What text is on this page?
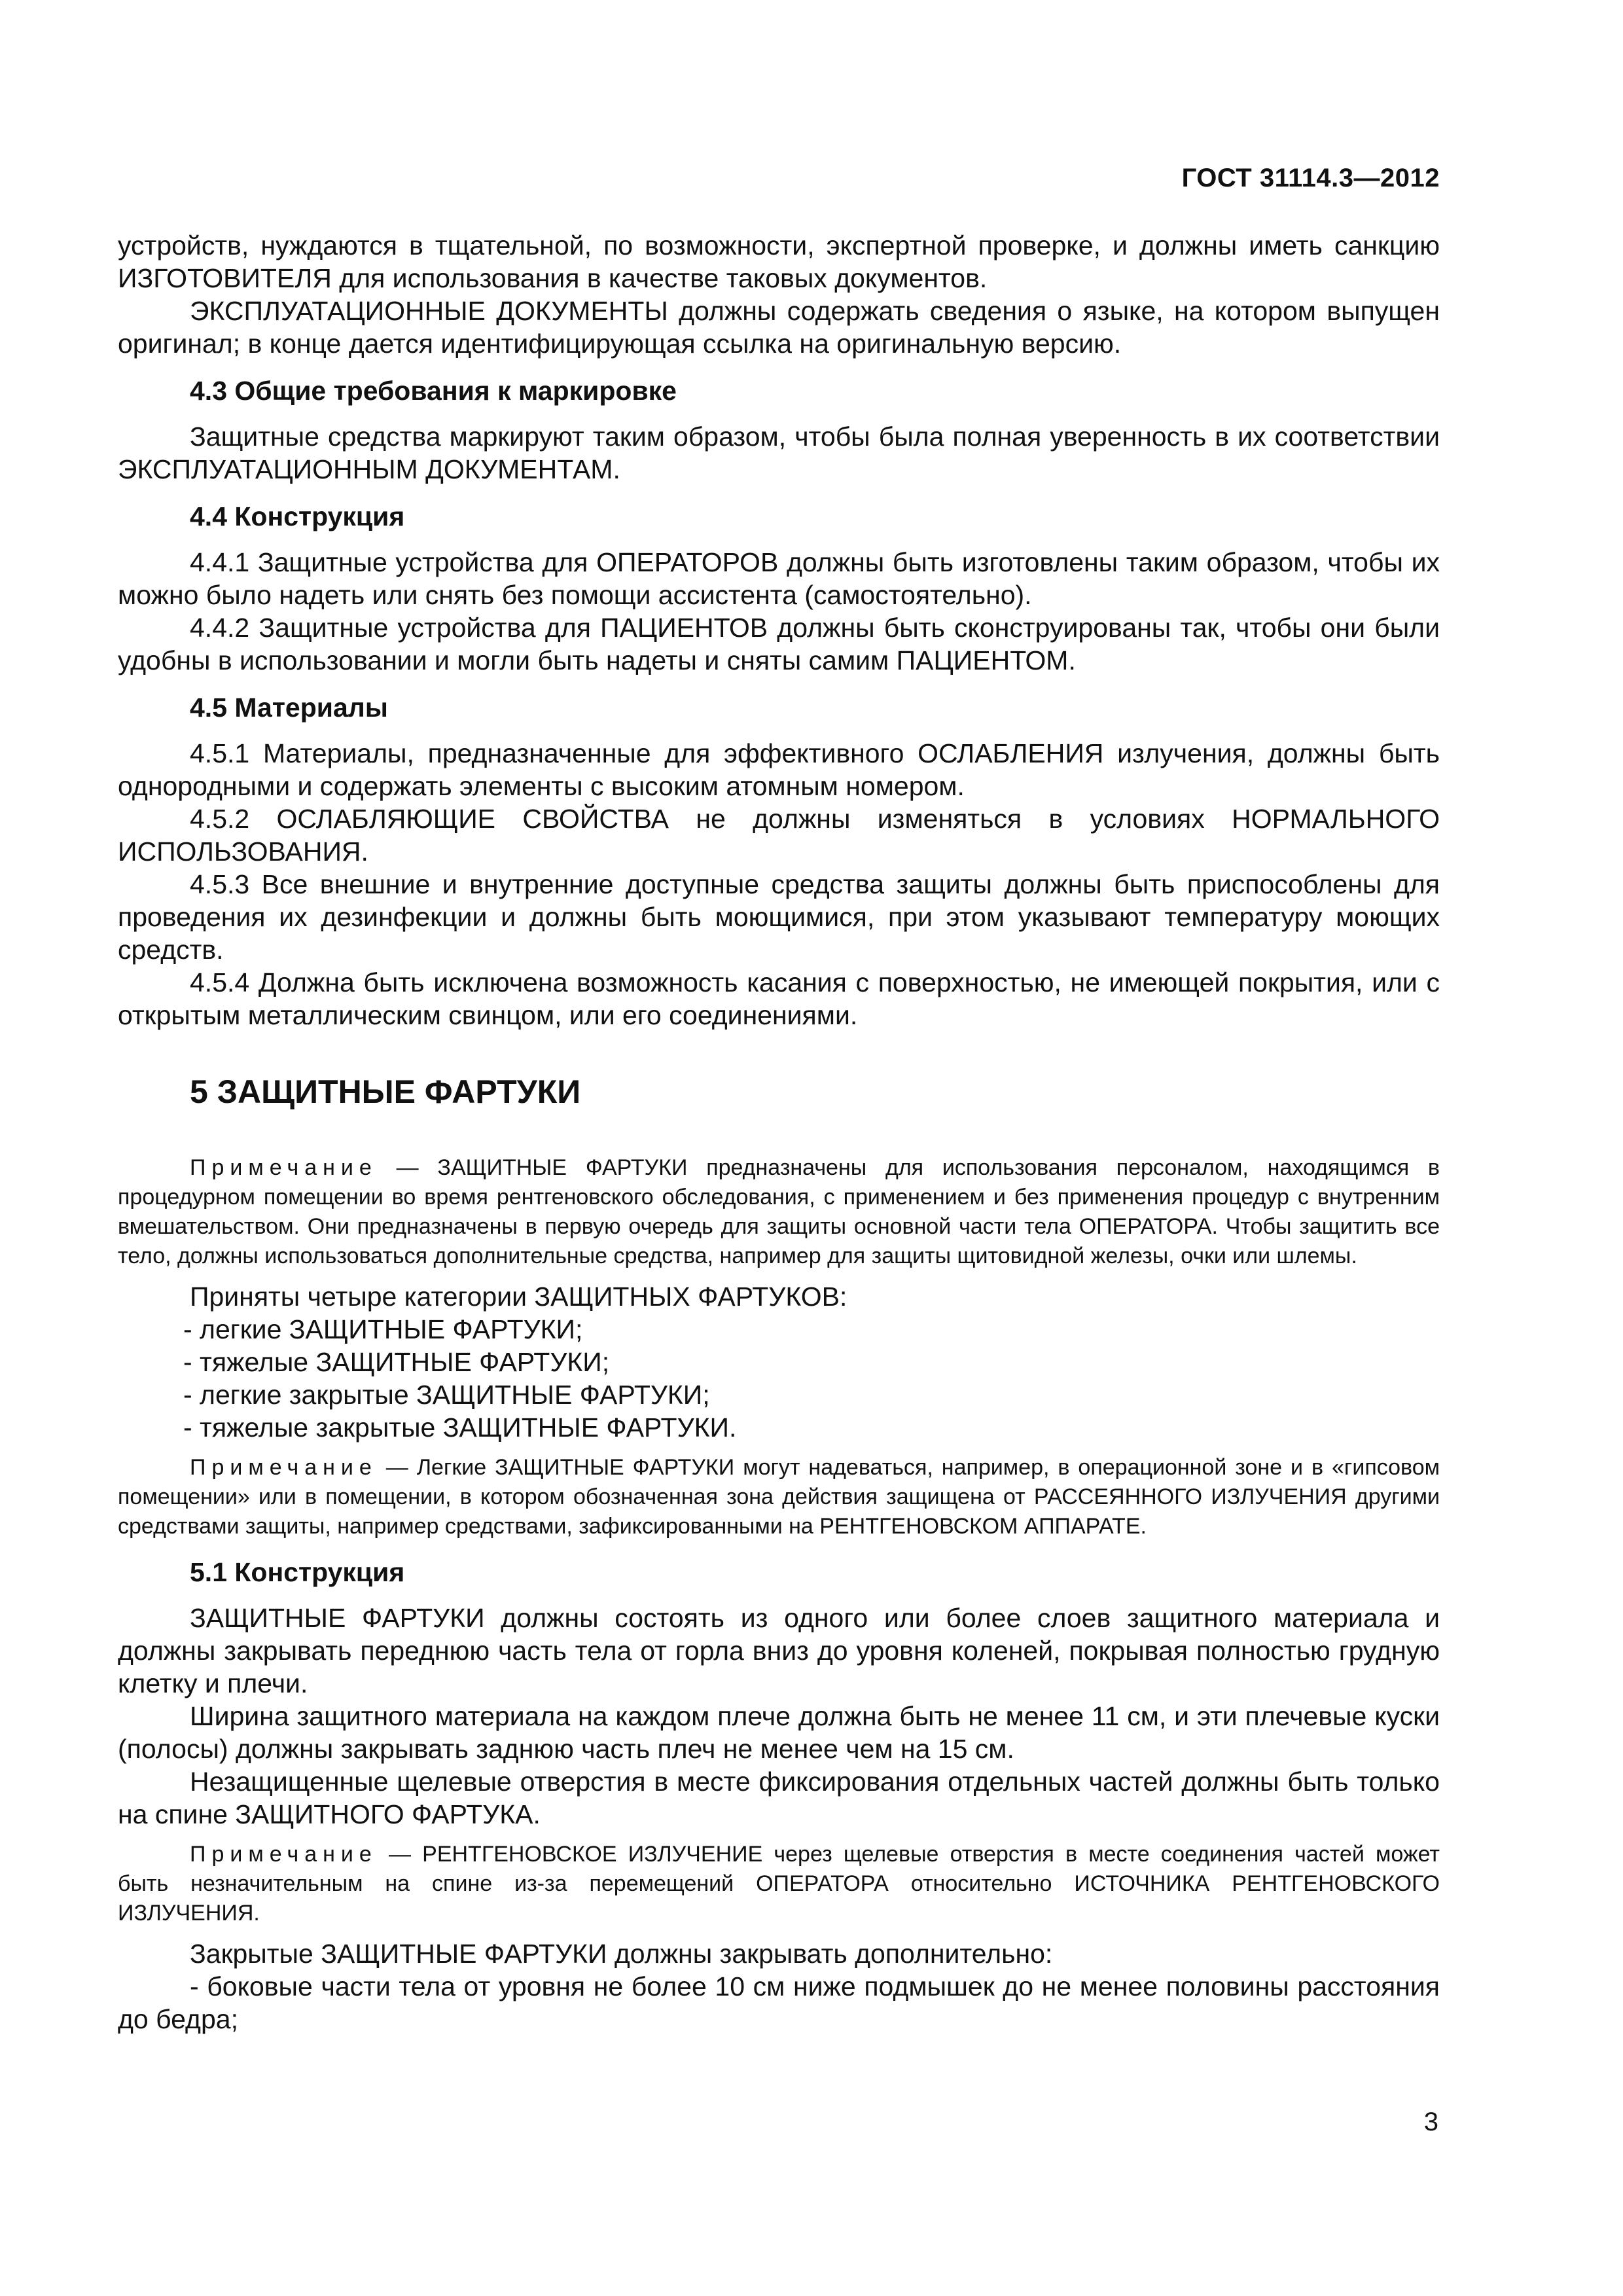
ГОСТ 31114.3—2012

устройств, нуждаются в тщательной, по возможности, экспертной проверке, и должны иметь санкцию ИЗГОТОВИТЕЛЯ для использования в качестве таковых документов.

ЭКСПЛУАТАЦИОННЫЕ ДОКУМЕНТЫ должны содержать сведения о языке, на котором выпущен оригинал; в конце дается идентифицирующая ссылка на оригинальную версию.

4.3 Общие требования к маркировке

Защитные средства маркируют таким образом, чтобы была полная уверенность в их соответствии ЭКСПЛУАТАЦИОННЫМ ДОКУМЕНТАМ.

4.4 Конструкция

4.4.1 Защитные устройства для ОПЕРАТОРОВ должны быть изготовлены таким образом, чтобы их можно было надеть или снять без помощи ассистента (самостоятельно).

4.4.2 Защитные устройства для ПАЦИЕНТОВ должны быть сконструированы так, чтобы они были удобны в использовании и могли быть надеты и сняты самим ПАЦИЕНТОМ.

4.5 Материалы

4.5.1 Материалы, предназначенные для эффективного ОСЛАБЛЕНИЯ излучения, должны быть однородными и содержать элементы с высоким атомным номером.

4.5.2 ОСЛАБЛЯЮЩИЕ СВОЙСТВА не должны изменяться в условиях НОРМАЛЬНОГО ИСПОЛЬЗОВАНИЯ.

4.5.3 Все внешние и внутренние доступные средства защиты должны быть приспособлены для проведения их дезинфекции и должны быть моющимися, при этом указывают температуру моющих средств.

4.5.4 Должна быть исключена возможность касания с поверхностью, не имеющей покрытия, или с открытым металлическим свинцом, или его соединениями.

5 ЗАЩИТНЫЕ ФАРТУКИ

Примечание — ЗАЩИТНЫЕ ФАРТУКИ предназначены для использования персоналом, находящимся в процедурном помещении во время рентгеновского обследования, с применением и без применения процедур с внутренним вмешательством. Они предназначены в первую очередь для защиты основной части тела ОПЕРАТОРА. Чтобы защитить все тело, должны использоваться дополнительные средства, например для защиты щитовидной железы, очки или шлемы.

Приняты четыре категории ЗАЩИТНЫХ ФАРТУКОВ:

- легкие ЗАЩИТНЫЕ ФАРТУКИ;
- тяжелые ЗАЩИТНЫЕ ФАРТУКИ;
- легкие закрытые ЗАЩИТНЫЕ ФАРТУКИ;
- тяжелые закрытые ЗАЩИТНЫЕ ФАРТУКИ.

Примечание — Легкие ЗАЩИТНЫЕ ФАРТУКИ могут надеваться, например, в операционной зоне и в «гипсовом помещении» или в помещении, в котором обозначенная зона действия защищена от РАССЕЯННОГО ИЗЛУЧЕНИЯ другими средствами защиты, например средствами, зафиксированными на РЕНТГЕНОВСКОМ АППАРАТЕ.

5.1 Конструкция

ЗАЩИТНЫЕ ФАРТУКИ должны состоять из одного или более слоев защитного материала и должны закрывать переднюю часть тела от горла вниз до уровня коленей, покрывая полностью грудную клетку и плечи.

Ширина защитного материала на каждом плече должна быть не менее 11 см, и эти плечевые куски (полосы) должны закрывать заднюю часть плеч не менее чем на 15 см.

Незащищенные щелевые отверстия в месте фиксирования отдельных частей должны быть только на спине ЗАЩИТНОГО ФАРТУКА.

Примечание — РЕНТГЕНОВСКОЕ ИЗЛУЧЕНИЕ через щелевые отверстия в месте соединения частей может быть незначительным на спине из-за перемещений ОПЕРАТОРА относительно ИСТОЧНИКА РЕНТГЕНОВСКОГО ИЗЛУЧЕНИЯ.

Закрытые ЗАЩИТНЫЕ ФАРТУКИ должны закрывать дополнительно:

- боковые части тела от уровня не более 10 см ниже подмышек до не менее половины расстояния до бедра;

3
